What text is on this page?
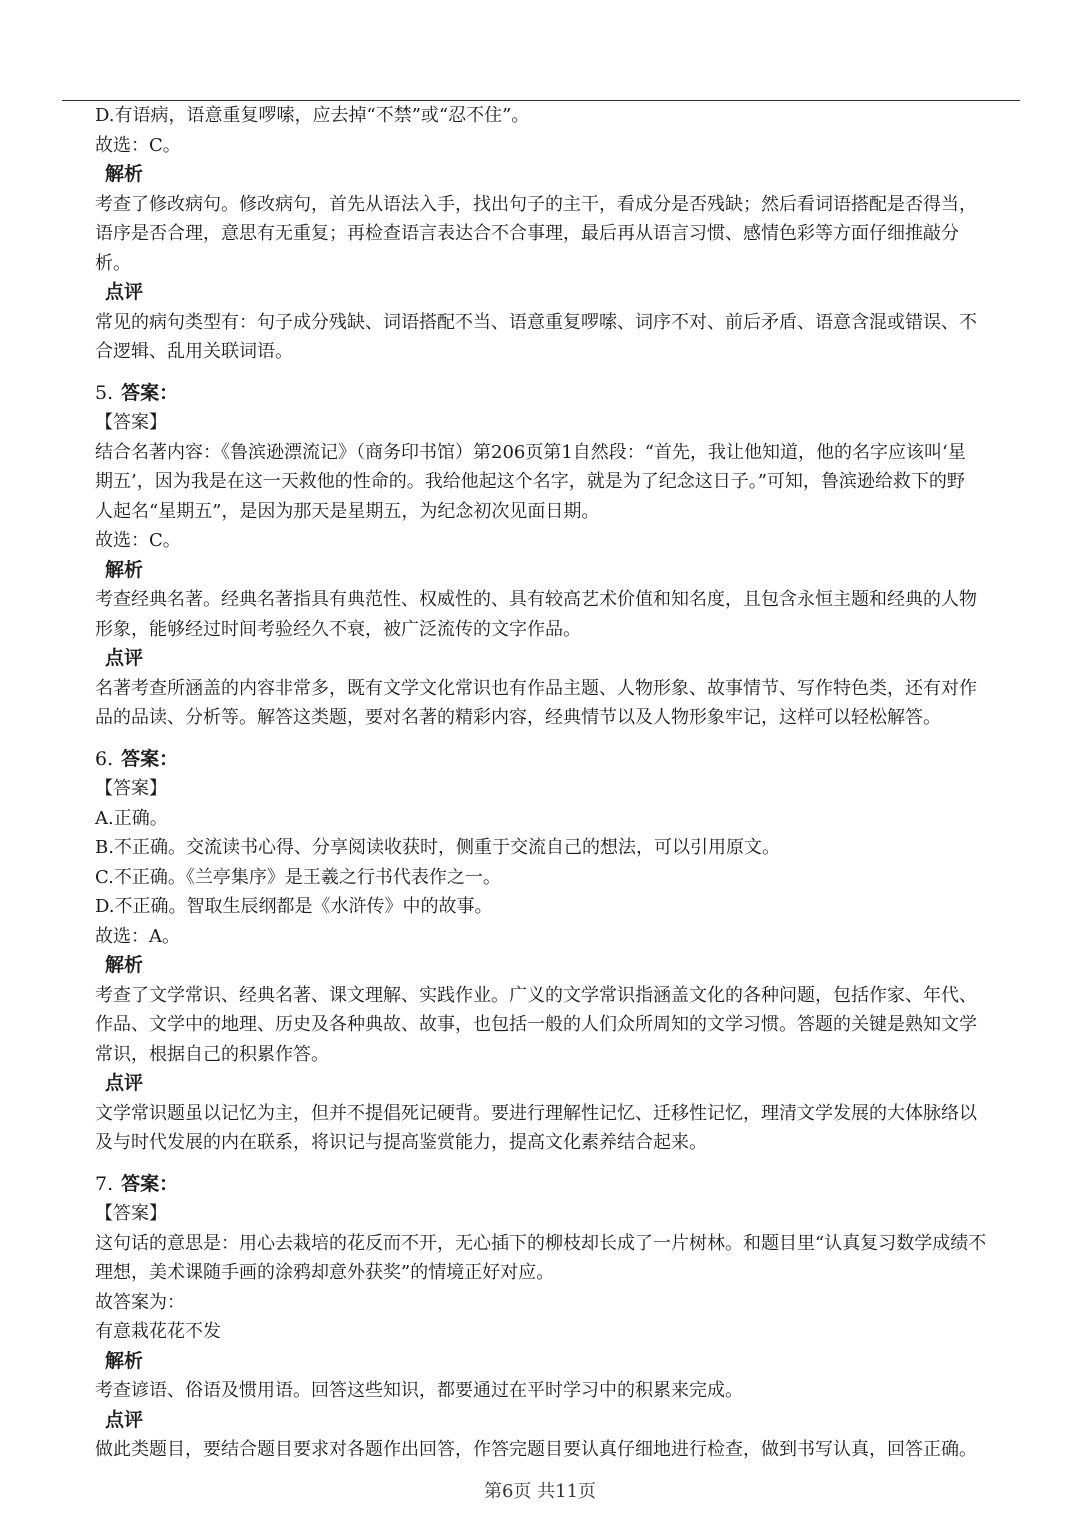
D.有语病，语意重复啰嗦，应去掉“不禁”或“忍不住”。
故选：C。
解析
考查了修改病句。修改病句，首先从语法入手，找出句子的主干，看成分是否残缺；然后看词语搭配是否得当，
语序是否合理，意思有无重复；再检查语言表达合不合事理，最后再从语言习惯、感情色彩等方面仔细推敲分
析。
点评
常见的病句类型有：句子成分残缺、词语搭配不当、语意重复啰嗦、词序不对、前后矛盾、语意含混或错误、不
合逻辑、乱用关联词语。
5. 答案：
【答案】
结合名著内容：《鲁滨逊漂流记》（商务印书馆）第206页第1自然段：“首先，我让他知道，他的名字应该叫‘星
期五’，因为我是在这一天救他的性命的。我给他起这个名字，就是为了纪念这日子。”可知，鲁滨逊给救下的野
人起名“星期五”，是因为那天是星期五，为纪念初次见面日期。
故选：C。
解析
考查经典名著。经典名著指具有典范性、权威性的、具有较高艺术价值和知名度，且包含永恒主题和经典的人物
形象，能够经过时间考验经久不衰，被广泛流传的文字作品。
点评
名著考查所涵盖的内容非常多，既有文学文化常识也有作品主题、人物形象、故事情节、写作特色类，还有对作
品的品读、分析等。解答这类题，要对名著的精彩内容，经典情节以及人物形象牢记，这样可以轻松解答。
6. 答案：
【答案】
A.正确。
B.不正确。交流读书心得、分享阅读收获时，侧重于交流自己的想法，可以引用原文。
C.不正确。《兰亭集序》是王羲之行书代表作之一。
D.不正确。智取生辰纲都是《水浒传》中的故事。
故选：A。
解析
考查了文学常识、经典名著、课文理解、实践作业。广义的文学常识指涵盖文化的各种问题，包括作家、年代、
作品、文学中的地理、历史及各种典故、故事，也包括一般的人们众所周知的文学习惯。答题的关键是熟知文学
常识，根据自己的积累作答。
点评
文学常识题虽以记忆为主，但并不提倡死记硬背。要进行理解性记忆、迁移性记忆，理清文学发展的大体脉络以
及与时代发展的内在联系，将识记与提高鉴赏能力，提高文化素养结合起来。
7. 答案：
【答案】
这句话的意思是：用心去栽培的花反而不开，无心插下的柳枝却长成了一片树林。和题目里“认真复习数学成绩不
理想，美术课随手画的涂鸦却意外获奖”的情境正好对应。
故答案为：
有意栽花花不发
解析
考查谚语、俗语及惯用语。回答这些知识，都要通过在平时学习中的积累来完成。
点评
做此类题目，要结合题目要求对各题作出回答，作答完题目要认真仔细地进行检查，做到书写认真，回答正确。
第6页 共11页
